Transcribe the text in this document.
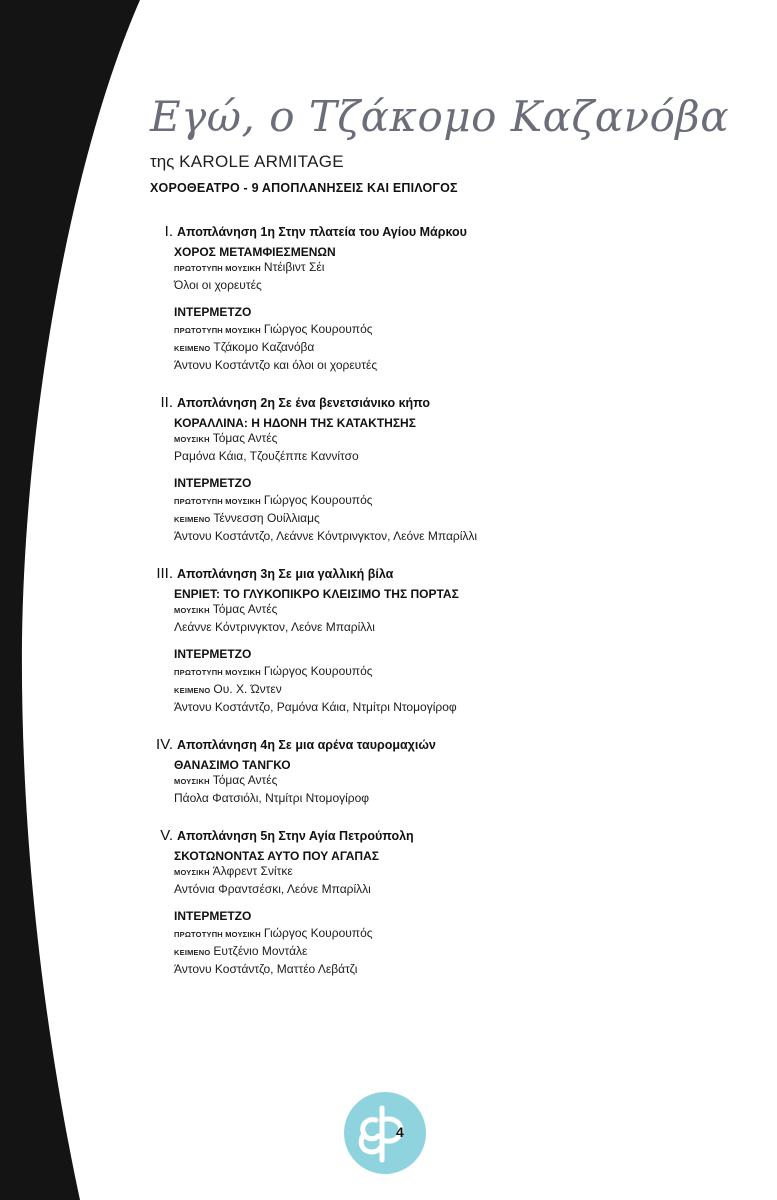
Εγώ, ο Τζάκομο Καζανόβα
της KAROLE ARMITAGE
ΧΟΡΟΘΕΑΤΡΟ - 9 ΑΠΟΠΛΑΝΗΣΕΙΣ ΚΑΙ ΕΠΙΛΟΓΟΣ
I. Αποπλάνηση 1η Στην πλατεία του Αγίου Μάρκου
ΧΟΡΟΣ ΜΕΤΑΜΦΙΕΣΜΕΝΩΝ
ΠΡΩΤΟΤΥΠΗ ΜΟΥΣΙΚΗ Ντέιβιντ Σέι
Όλοι οι χορευτές
ΙΝΤΕΡΜΕΤΖΟ
ΠΡΩΤΟΤΥΠΗ ΜΟΥΣΙΚΗ Γιώργος Κουρουπός
ΚΕΙΜΕΝΟ Τζάκομο Καζανόβα
Άντονυ Κοστάντζο και όλοι οι χορευτές
II. Αποπλάνηση 2η Σε ένα βενετσιάνικο κήπο
ΚΟΡΑΛΛΙΝΑ: Η ΗΔΟΝΗ ΤΗΣ ΚΑΤΑΚΤΗΣΗΣ
ΜΟΥΣΙΚΗ Τόμας Αντές
Ραμόνα Κάια, Τζουζέππε Καννίτσο
ΙΝΤΕΡΜΕΤΖΟ
ΠΡΩΤΟΤΥΠΗ ΜΟΥΣΙΚΗ Γιώργος Κουρουπός
ΚΕΙΜΕΝΟ Τέννεσση Ουίλλιαμς
Άντονυ Κοστάντζο, Λεάννε Κόντρινγκτον, Λεόνε Μπαρίλλι
III. Αποπλάνηση 3η Σε μια γαλλική βίλα
ΕΝΡΙΕΤ: ΤΟ ΓΛΥΚΟΠΙΚΡΟ ΚΛΕΙΣΙΜΟ ΤΗΣ ΠΟΡΤΑΣ
ΜΟΥΣΙΚΗ Τόμας Αντές
Λεάννε Κόντρινγκτον, Λεόνε Μπαρίλλι
ΙΝΤΕΡΜΕΤΖΟ
ΠΡΩΤΟΤΥΠΗ ΜΟΥΣΙΚΗ Γιώργος Κουρουπός
ΚΕΙΜΕΝΟ Ου. Χ. Ώντεν
Άντονυ Κοστάντζο, Ραμόνα Κάια, Ντμίτρι Ντομογίροφ
IV. Αποπλάνηση 4η Σε μια αρένα ταυρομαχιών
ΘΑΝΑΣΙΜΟ ΤΑΝΓΚΟ
ΜΟΥΣΙΚΗ Τόμας Αντές
Πάολα Φατσιόλι, Ντμίτρι Ντομογίροφ
V. Αποπλάνηση 5η Στην Αγία Πετρούπολη
ΣΚΟΤΩΝΟΝΤΑΣ ΑΥΤΟ ΠΟΥ ΑΓΑΠΑΣ
ΜΟΥΣΙΚΗ Άλφρεντ Σνίτκε
Αντόνια Φραντσέσκι, Λεόνε Μπαρίλλι
ΙΝΤΕΡΜΕΤΖΟ
ΠΡΩΤΟΤΥΠΗ ΜΟΥΣΙΚΗ Γιώργος Κουρουπός
ΚΕΙΜΕΝΟ Ευτζένιο Μοντάλε
Άντονυ Κοστάντζο, Ματτέο Λεβάτζι
4
